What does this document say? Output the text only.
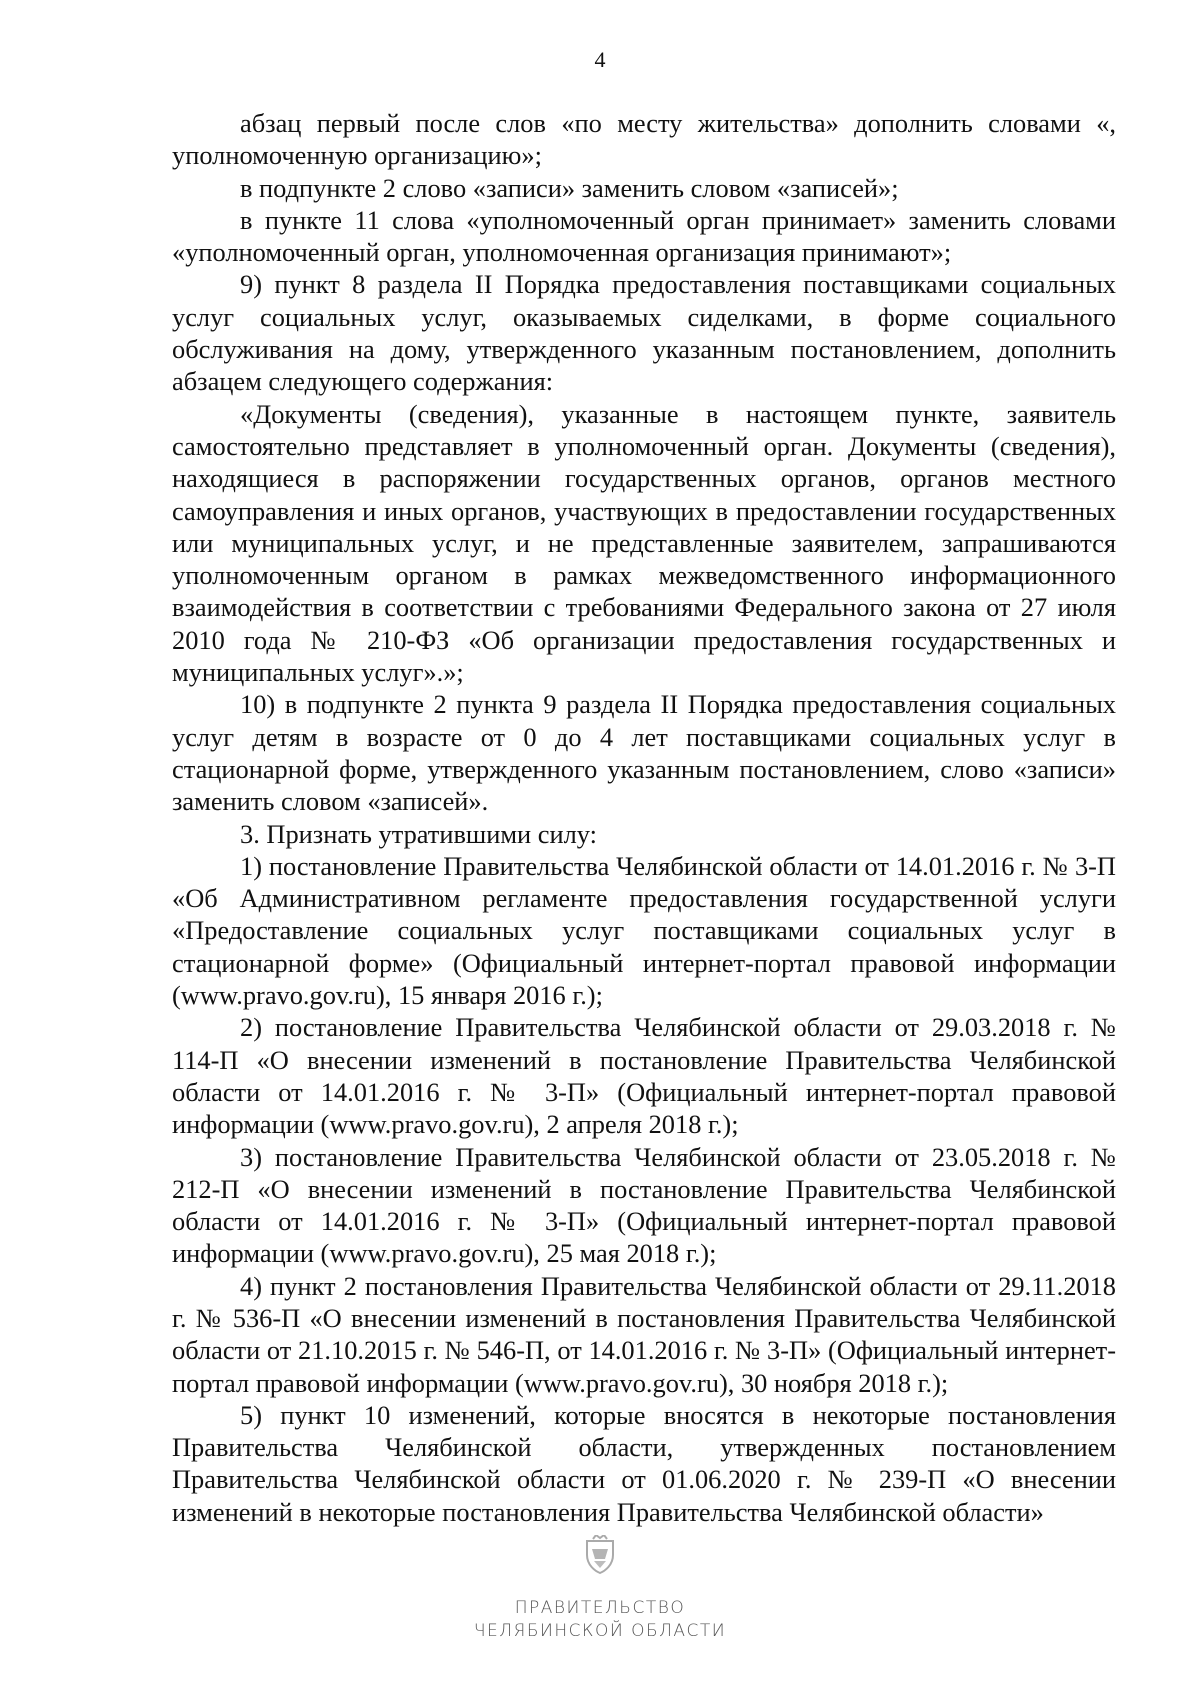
4

абзац первый после слов «по месту жительства» дополнить словами «, уполномоченную организацию»;

в подпункте 2 слово «записи» заменить словом «записей»;

в пункте 11 слова «уполномоченный орган принимает» заменить словами «уполномоченный орган, уполномоченная организация принимают»;

9) пункт 8 раздела II Порядка предоставления поставщиками социальных услуг социальных услуг, оказываемых сиделками, в форме социального обслуживания на дому, утвержденного указанным постановлением, дополнить абзацем следующего содержания:

«Документы (сведения), указанные в настоящем пункте, заявитель самостоятельно представляет в уполномоченный орган. Документы (сведения), находящиеся в распоряжении государственных органов, органов местного самоуправления и иных органов, участвующих в предоставлении государственных или муниципальных услуг, и не представленные заявителем, запрашиваются уполномоченным органом в рамках межведомственного информационного взаимодействия в соответствии с требованиями Федерального закона от 27 июля 2010 года № 210-ФЗ «Об организации предоставления государственных и муниципальных услуг».»;

10) в подпункте 2 пункта 9 раздела II Порядка предоставления социальных услуг детям в возрасте от 0 до 4 лет поставщиками социальных услуг в стационарной форме, утвержденного указанным постановлением, слово «записи» заменить словом «записей».

3. Признать утратившими силу:

1) постановление Правительства Челябинской области от 14.01.2016 г. № 3-П «Об Административном регламенте предоставления государственной услуги «Предоставление социальных услуг поставщиками социальных услуг в стационарной форме» (Официальный интернет-портал правовой информации (www.pravo.gov.ru), 15 января 2016 г.);

2) постановление Правительства Челябинской области от 29.03.2018 г. № 114-П «О внесении изменений в постановление Правительства Челябинской области от 14.01.2016 г. № 3-П» (Официальный интернет-портал правовой информации (www.pravo.gov.ru), 2 апреля 2018 г.);

3) постановление Правительства Челябинской области от 23.05.2018 г. № 212-П «О внесении изменений в постановление Правительства Челябинской области от 14.01.2016 г. № 3-П» (Официальный интернет-портал правовой информации (www.pravo.gov.ru), 25 мая 2018 г.);

4) пункт 2 постановления Правительства Челябинской области от 29.11.2018 г. № 536-П «О внесении изменений в постановления Правительства Челябинской области от 21.10.2015 г. № 546-П, от 14.01.2016 г. № 3-П» (Официальный интернет-портал правовой информации (www.pravo.gov.ru), 30 ноября 2018 г.);

5) пункт 10 изменений, которые вносятся в некоторые постановления Правительства Челябинской области, утвержденных постановлением Правительства Челябинской области от 01.06.2020 г. № 239-П «О внесении изменений в некоторые постановления Правительства Челябинской области»

ПРАВИТЕЛЬСТВО
ЧЕЛЯБИНСКОЙ ОБЛАСТИ
